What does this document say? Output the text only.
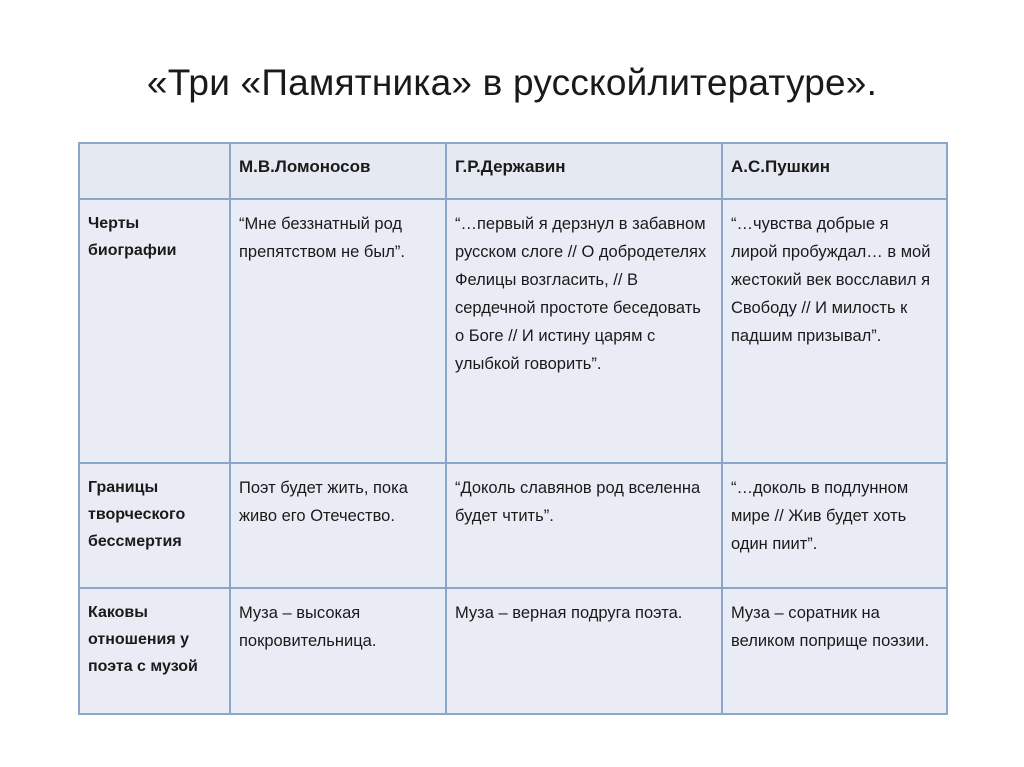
«Три «Памятника» в русскойлитературе».
	М.В.Ломоносов	Г.Р.Державин	А.С.Пушкин
Черты биографии	“Мне беззнатный род препятством не был”.	“…первый я дерзнул в забавном русском слоге // О добродетелях Фелицы возгласить, // В сердечной простоте беседовать о Боге // И истину царям с улыбкой говорить”.	“…чувства добрые я лирой пробуждал… в мой жестокий век восславил я Свободу // И милость к падшим призывал”.
Границы творческого бессмертия	Поэт будет жить, пока живо его Отечество.	“Доколь славянов род вселенна будет чтить”.	“…доколь в подлунном мире // Жив будет хоть один пиит”.
Каковы отношения у поэта с музой	Муза – высокая покровительница.	Муза – верная подруга поэта.	Муза – соратник на великом поприще поэзии.
